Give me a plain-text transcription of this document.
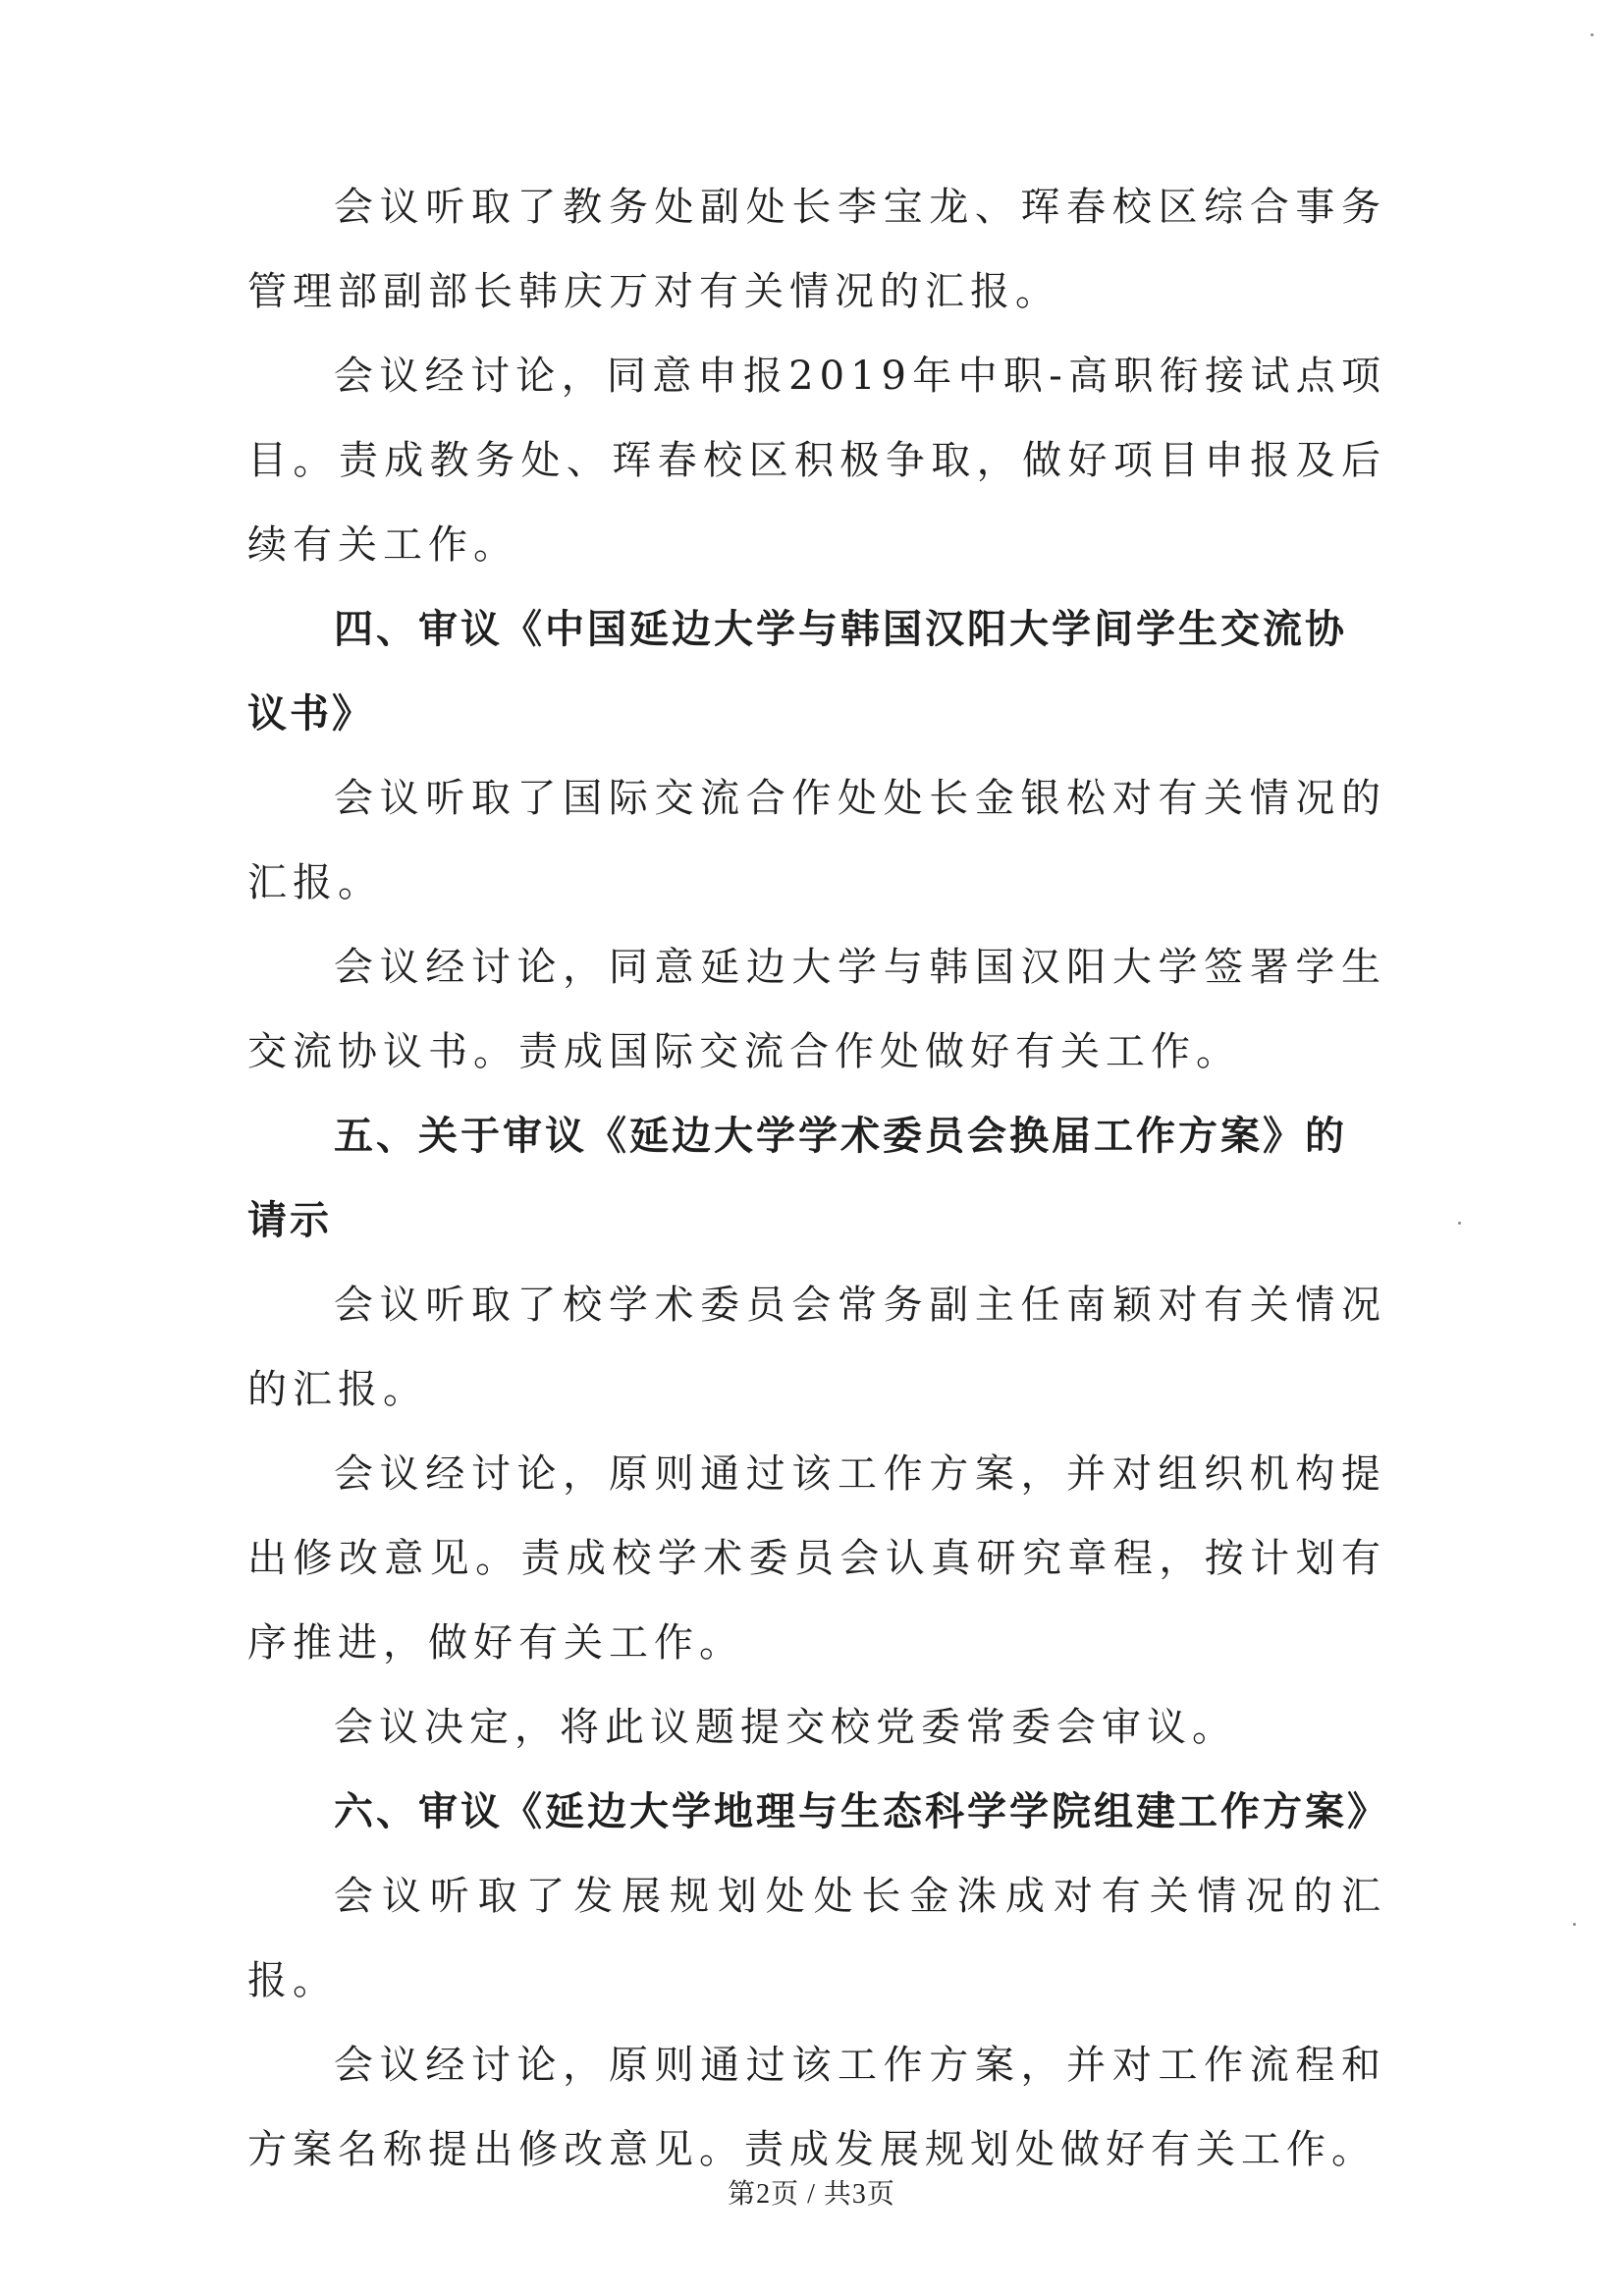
会议听取了教务处副处长李宝龙、珲春校区综合事务管理部副部长韩庆万对有关情况的汇报。

会议经讨论，同意申报2019年中职-高职衔接试点项目。责成教务处、珲春校区积极争取，做好项目申报及后续有关工作。

四、审议《中国延边大学与韩国汉阳大学间学生交流协议书》

会议听取了国际交流合作处处长金银松对有关情况的汇报。

会议经讨论，同意延边大学与韩国汉阳大学签署学生交流协议书。责成国际交流合作处做好有关工作。

五、关于审议《延边大学学术委员会换届工作方案》的请示

会议听取了校学术委员会常务副主任南颖对有关情况的汇报。

会议经讨论，原则通过该工作方案，并对组织机构提出修改意见。责成校学术委员会认真研究章程，按计划有序推进，做好有关工作。

会议决定，将此议题提交校党委常委会审议。

六、审议《延边大学地理与生态科学学院组建工作方案》

会议听取了发展规划处处长金洙成对有关情况的汇报。

会议经讨论，原则通过该工作方案，并对工作流程和方案名称提出修改意见。责成发展规划处做好有关工作。

第2页 / 共3页
